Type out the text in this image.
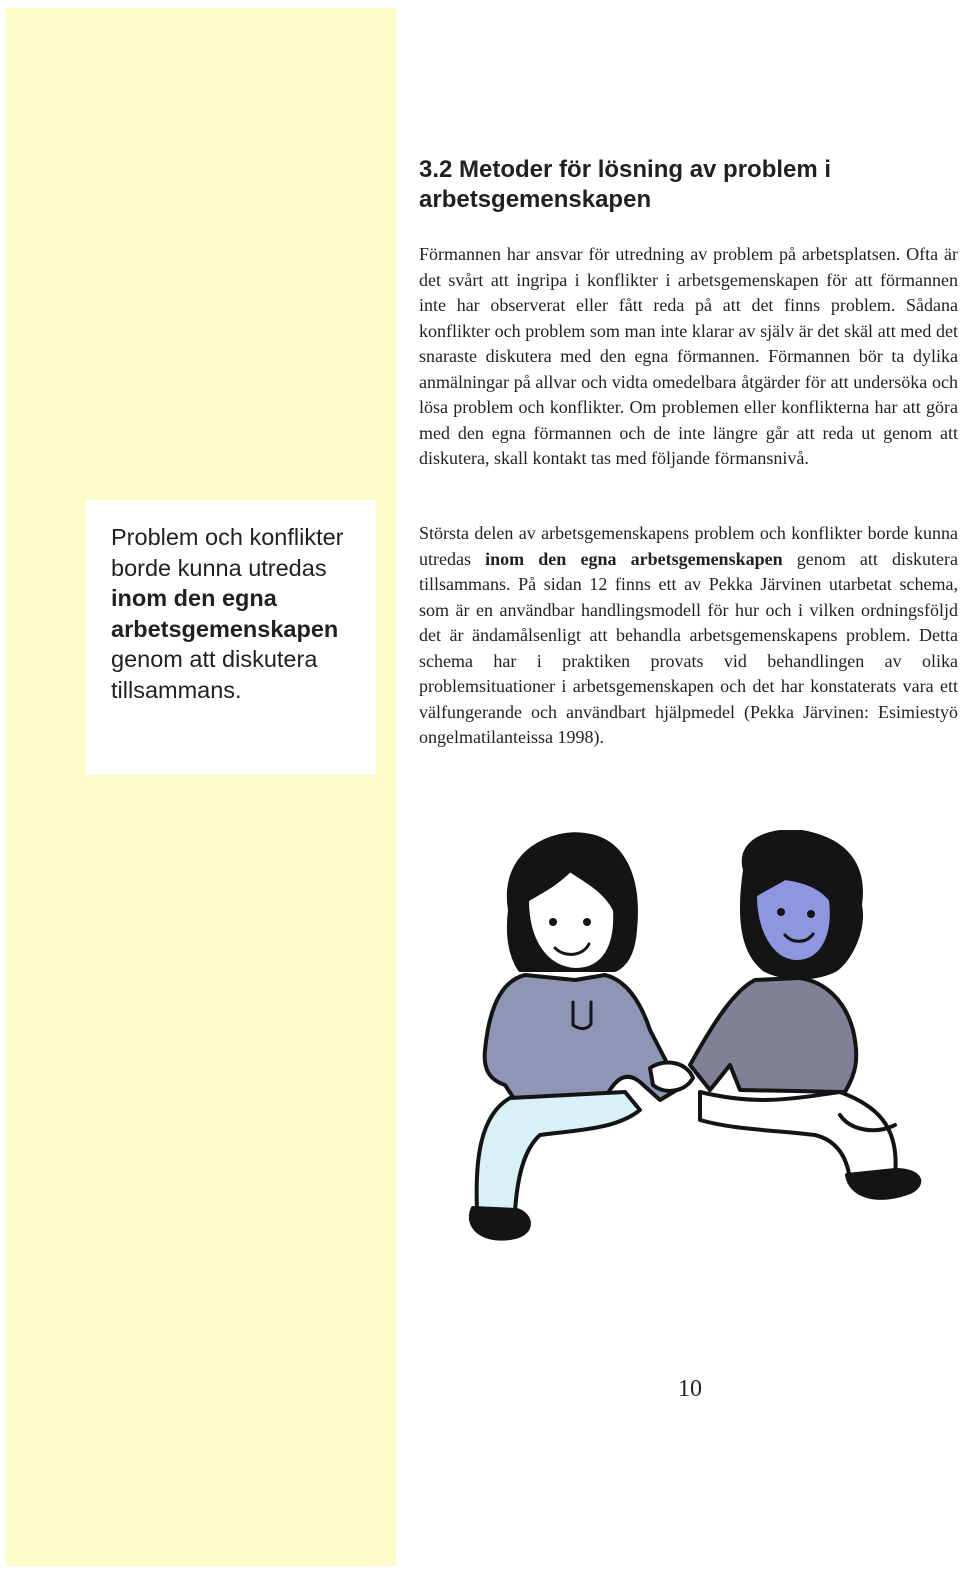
Problem och konflikter borde kunna utredas inom den egna arbetsgemenskapen genom att diskutera tillsammans.
3.2 Metoder för lösning av problem i
arbetsgemenskapen

Förmannen har ansvar för utredning av problem på arbetsplatsen. Ofta är det svårt att ingripa i konflikter i arbetsgemenskapen för att förmannen inte har observerat eller fått reda på att det finns problem. Sådana konflikter och problem som man inte klarar av själv är det skäl att med det snaraste diskutera med den egna förmannen. Förmannen bör ta dylika anmälningar på allvar och vidta omedelbara åtgärder för att undersöka och lösa problem och konflikter. Om problemen eller konflikterna har att göra med den egna förmannen och de inte längre går att reda ut genom att diskutera, skall kontakt tas med följande förmansnivå.

Största delen av arbetsgemenskapens problem och konflikter borde kunna utredas inom den egna arbetsgemenskapen genom att diskutera tillsammans. På sidan 12 finns ett av Pekka Järvinen utarbetat schema, som är en användbar handlingsmodell för hur och i vilken ordningsföljd det är ändamålsenligt att behandla arbetsgemenskapens problem. Detta schema har i praktiken provats vid behandlingen av olika problemsituationer i arbetsgemenskapen och det har konstaterats vara ett välfungerande och användbart hjälpmedel (Pekka Järvinen: Esimiestyö ongelmatilanteissa 1998).

10
